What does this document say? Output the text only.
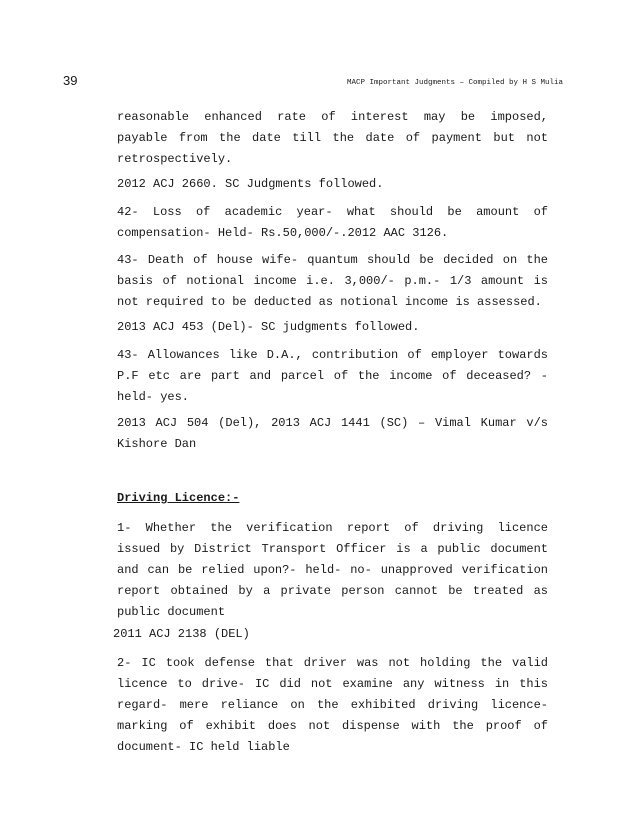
39	MACP Important Judgments – Compiled by H S Mulia

reasonable enhanced rate of interest may be imposed, payable from the date till the date of payment but not retrospectively.

2012 ACJ 2660. SC Judgments followed.

42- Loss of academic year- what should be amount of compensation- Held- Rs.50,000/-.2012 AAC 3126.

43- Death of house wife- quantum should be decided on the basis of notional income i.e. 3,000/- p.m.- 1/3 amount is not required to be deducted as notional income is assessed.

2013 ACJ 453 (Del)- SC judgments followed.

43- Allowances like D.A., contribution of employer towards P.F etc are part and parcel of the income of deceased? - held- yes.

2013 ACJ 504 (Del), 2013 ACJ 1441 (SC) – Vimal Kumar v/s Kishore Dan

Driving Licence:-

1- Whether the verification report of driving licence issued by District Transport Officer is a public document and can be relied upon?- held- no- unapproved verification report obtained by a private person cannot be treated as public document

2011 ACJ 2138 (DEL)

2- IC took defense that driver was not holding the valid licence to drive- IC did not examine any witness in this regard- mere reliance on the exhibited driving licence-marking of exhibit does not dispense with the proof of document- IC held liable
